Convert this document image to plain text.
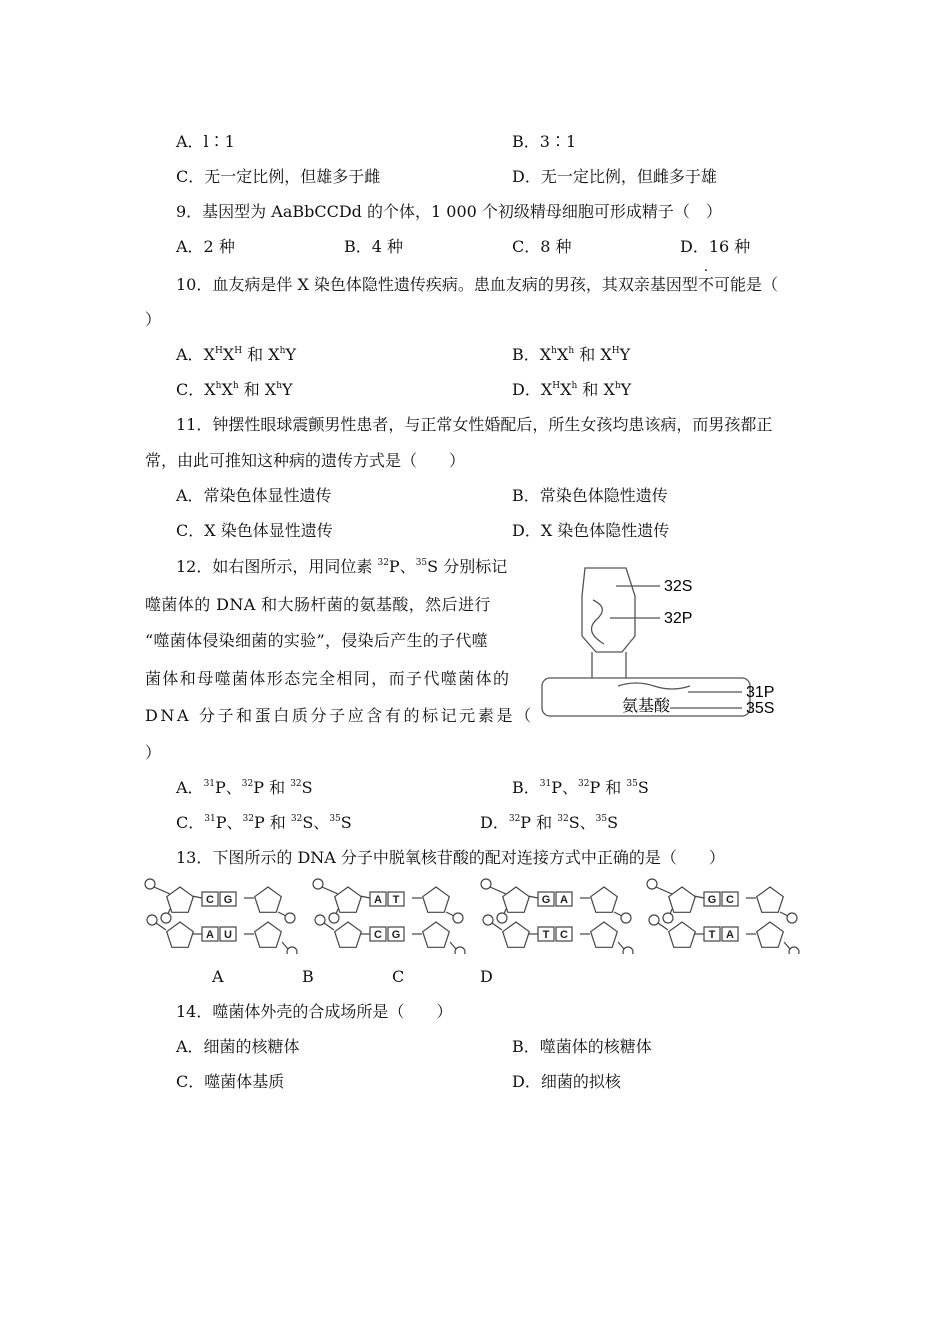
A．l∶1	B．3∶1
C．无一定比例，但雄多于雌	D．无一定比例，但雌多于雄
9．基因型为 AaBbCCDd 的个体，1 000 个初级精母细胞可形成精子（　）
A．2 种	B．4 种	C．8 种	D．16 种
10．血友病是伴 X 染色体隐性遗传疾病。患血友病的男孩，其双亲基因型不可能是（
）
A．$X^HX^H$ 和 $X^hY$	B．$X^hX^h$ 和 $X^HY$
C．$X^hX^h$ 和 $X^hY$	D．$X^HX^h$ 和 $X^hY$
11．钟摆性眼球震颤男性患者，与正常女性婚配后，所生女孩均患该病，而男孩都正
常，由此可推知这种病的遗传方式是（　　）
A．常染色体显性遗传	B．常染色体隐性遗传
C．X 染色体显性遗传	D．X 染色体隐性遗传
12．如右图所示，用同位素 $^{32}$P、$^{35}$S 分别标记
噬菌体的 DNA 和大肠杆菌的氨基酸，然后进行
“噬菌体侵染细菌的实验”，侵染后产生的子代噬
菌体和母噬菌体形态完全相同，而子代噬菌体的
DNA 分子和蛋白质分子应含有的标记元素是（
）
32S
32P
31P
35S
氨基酸
A．$^{31}$P、$^{32}$P 和 $^{32}$S	B．$^{31}$P、$^{32}$P 和 $^{35}$S
C．$^{31}$P、$^{32}$P 和 $^{32}$S、$^{35}$S	D．$^{32}$P 和 $^{32}$S、$^{35}$S
13．下图所示的 DNA 分子中脱氧核苷酸的配对连接方式中正确的是（　　）
C G
A U
A T
C G
G A
T C
G C
T A
A	B	C	D
14．噬菌体外壳的合成场所是（　　）
A．细菌的核糖体	B．噬菌体的核糖体
C．噬菌体基质	D．细菌的拟核
